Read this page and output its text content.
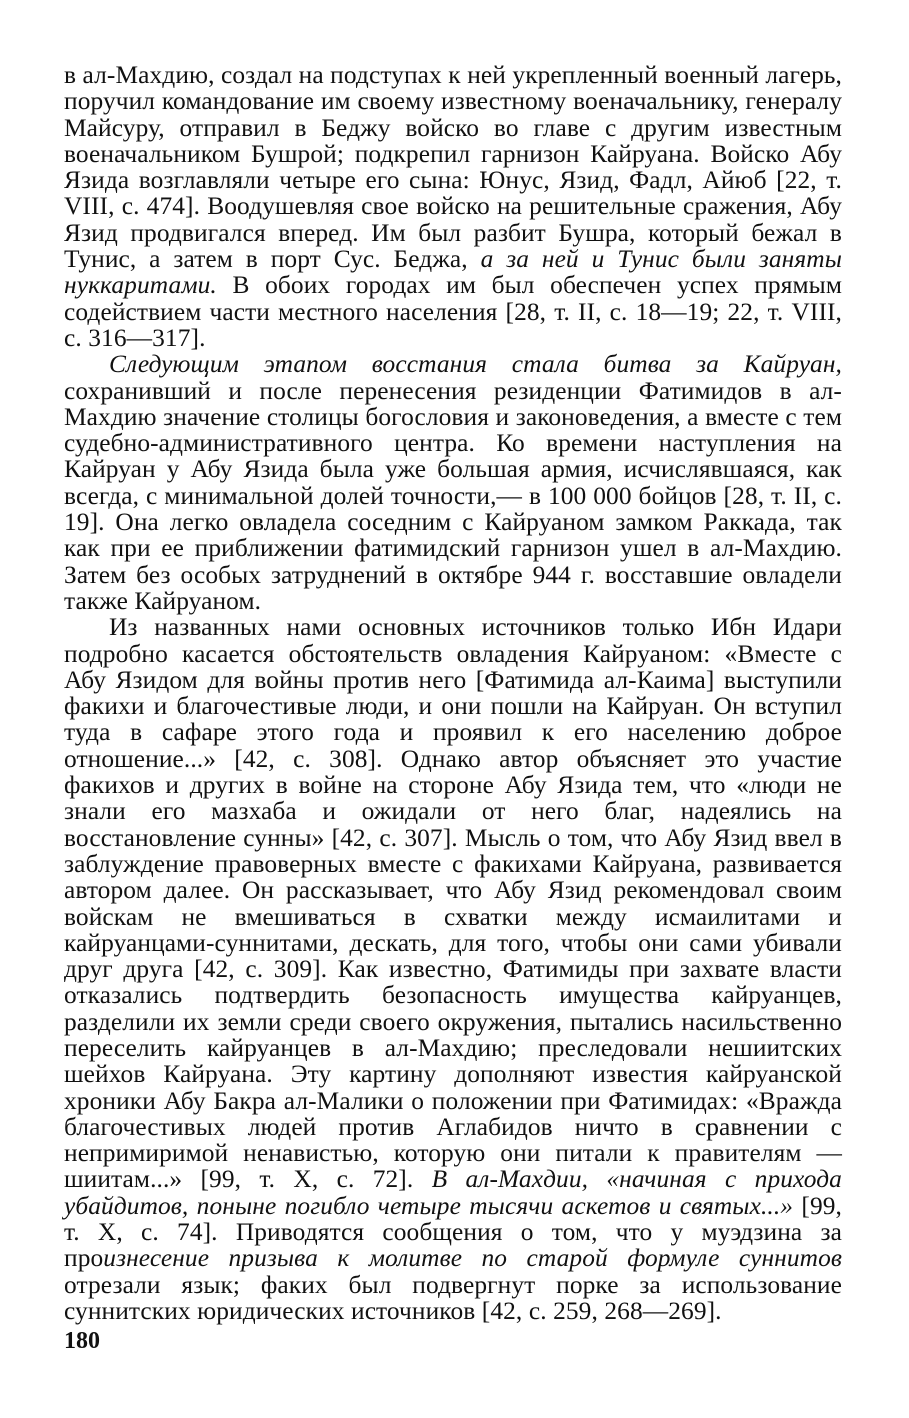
в ал-Махдию, создал на подступах к ней укрепленный военный лагерь, поручил командование им своему известному военачальнику, генералу Майсуру, отправил в Беджу войско во главе с другим известным военачальником Бушрой; подкрепил гарнизон Кайруана. Войско Абу Язида возглавляли четыре его сына: Юнус, Язид, Фадл, Айюб [22, т. VIII, с. 474]. Воодушевляя свое войско на решительные сражения, Абу Язид продвигался вперед. Им был разбит Бушра, который бежал в Тунис, а затем в порт Сус. Беджа, а за ней и Тунис были заняты нуккаритами. В обоих городах им был обеспечен успех прямым содействием части местного населения [28, т. II, с. 18—19; 22, т. VIII, с. 316—317].

Следующим этапом восстания стала битва за Кайруан, сохранивший и после перенесения резиденции Фатимидов в ал-Махдию значение столицы богословия и законоведения, а вместе с тем судебно-административного центра. Ко времени наступления на Кайруан у Абу Язида была уже большая армия, исчислявшаяся, как всегда, с минимальной долей точности,— в 100 000 бойцов [28, т. II, с. 19]. Она легко овладела соседним с Кайруаном замком Раккада, так как при ее приближении фатимидский гарнизон ушел в ал-Махдию. Затем без особых затруднений в октябре 944 г. восставшие овладели также Кайруаном.

Из названных нами основных источников только Ибн Идари подробно касается обстоятельств овладения Кайруаном: «Вместе с Абу Язидом для войны против него [Фатимида ал-Каима] выступили факихи и благочестивые люди, и они пошли на Кайруан. Он вступил туда в сафаре этого года и проявил к его населению доброе отношение...» [42, с. 308]. Однако автор объясняет это участие факихов и других в войне на стороне Абу Язида тем, что «люди не знали его мазхаба и ожидали от него благ, надеялись на восстановление сунны» [42, с. 307]. Мысль о том, что Абу Язид ввел в заблуждение правоверных вместе с факихами Кайруана, развивается автором далее. Он рассказывает, что Абу Язид рекомендовал своим войскам не вмешиваться в схватки между исмаилитами и кайруанцами-суннитами, дескать, для того, чтобы они сами убивали друг друга [42, с. 309]. Как известно, Фатимиды при захвате власти отказались подтвердить безопасность имущества кайруанцев, разделили их земли среди своего окружения, пытались насильственно переселить кайруанцев в ал-Махдию; преследовали нешиитских шейхов Кайруана. Эту картину дополняют известия кайруанской хроники Абу Бакра ал-Малики о положении при Фатимидах: «Вражда благочестивых людей против Аглабидов ничто в сравнении с непримиримой ненавистью, которую они питали к правителям — шиитам...» [99, т. X, с. 72]. В ал-Махдии, «начиная с прихода убайдитов, поныне погибло четыре тысячи аскетов и святых...» [99, т. X, с. 74]. Приводятся сообщения о том, что у муэдзина за произнесение призыва к молитве по старой формуле суннитов отрезали язык; факих был подвергнут порке за использование суннитских юридических источников [42, с. 259, 268—269].

180
